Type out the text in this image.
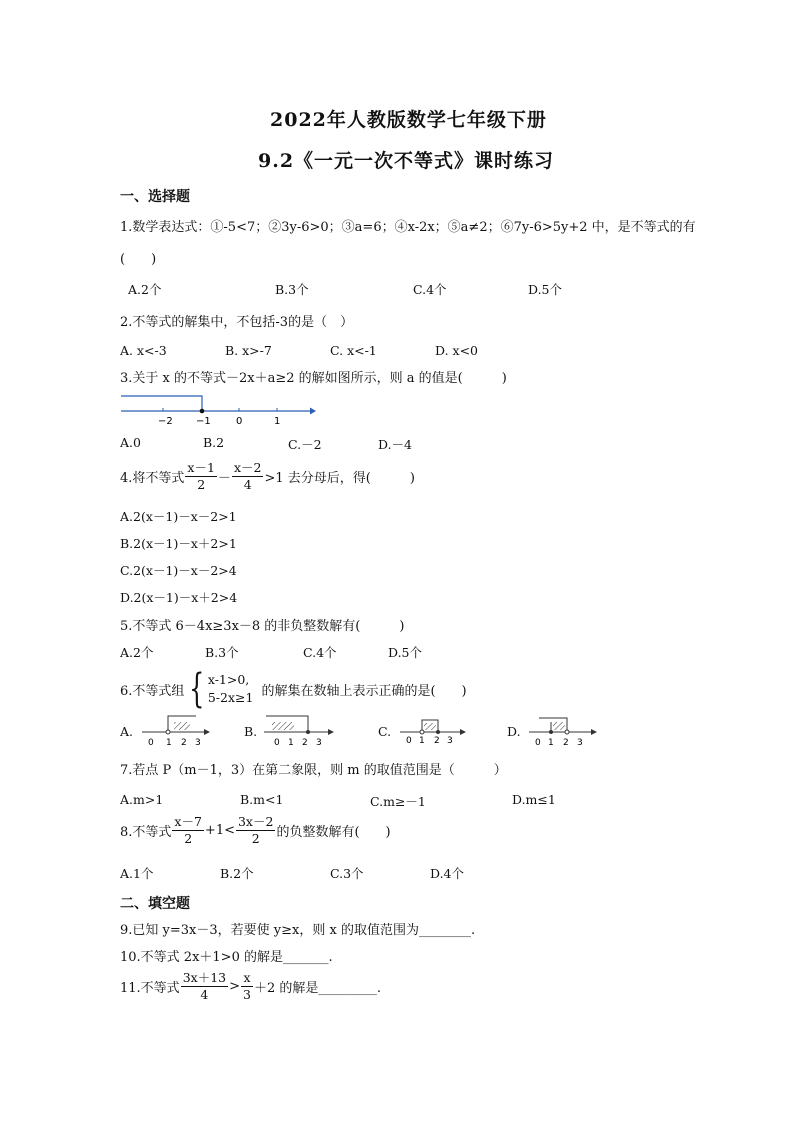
2022年人教版数学七年级下册
9.2《一元一次不等式》课时练习
一、选择题
1.数学表达式：①-5<7；②3y-6>0；③a=6；④x-2x；⑤a≠2；⑥7y-6>5y+2 中，是不等式的有
(　　)
A.2个	B.3个	C.4个	D.5个
2.不等式的解集中，不包括-3的是（　）
A. x<-3	B. x>-7	C. x<-1	D. x<0
3.关于 x 的不等式－2x＋a≥2 的解如图所示，则 a 的值是(　　　)
−2 −1	0	1
A.0	B.2	C.－2	D.－4
4.将不等式 $\frac{x-1}{2} - \frac{x-2}{4} >1$ 去分母后，得(　　　)
A.2(x－1)－x－2>1
B.2(x－1)－x＋2>1
C.2(x－1)－x－2>4
D.2(x－1)－x＋2>4
5.不等式 6－4x≥3x－8 的非负整数解有(　　　)
A.2个	B.3个	C.4个	D.5个
6.不等式组 { x-1>0,
5-2x≥1 的解集在数轴上表示正确的是(　　)
A.
0 1 2 3
B.
0 1 2 3
C.
0 1 2 3
D.
0 1 2 3
7.若点 P（m－1，3）在第二象限，则 m 的取值范围是（　　　）
A.m>1	B.m<1	C.m≥－1	D.m≤1
8.不等式 $\frac{x-7}{2} +1< \frac{3x-2}{2}$ 的负整数解有(　　)
A.1个	B.2个	C.3个	D.4个
二、填空题
9.已知 y=3x－3，若要使 y≥x，则 x 的取值范围为________.
10.不等式 2x＋1>0 的解是_______.
11.不等式 $\frac{3x+13}{4} > \frac{x}{3} +2$ 的解是_________.
